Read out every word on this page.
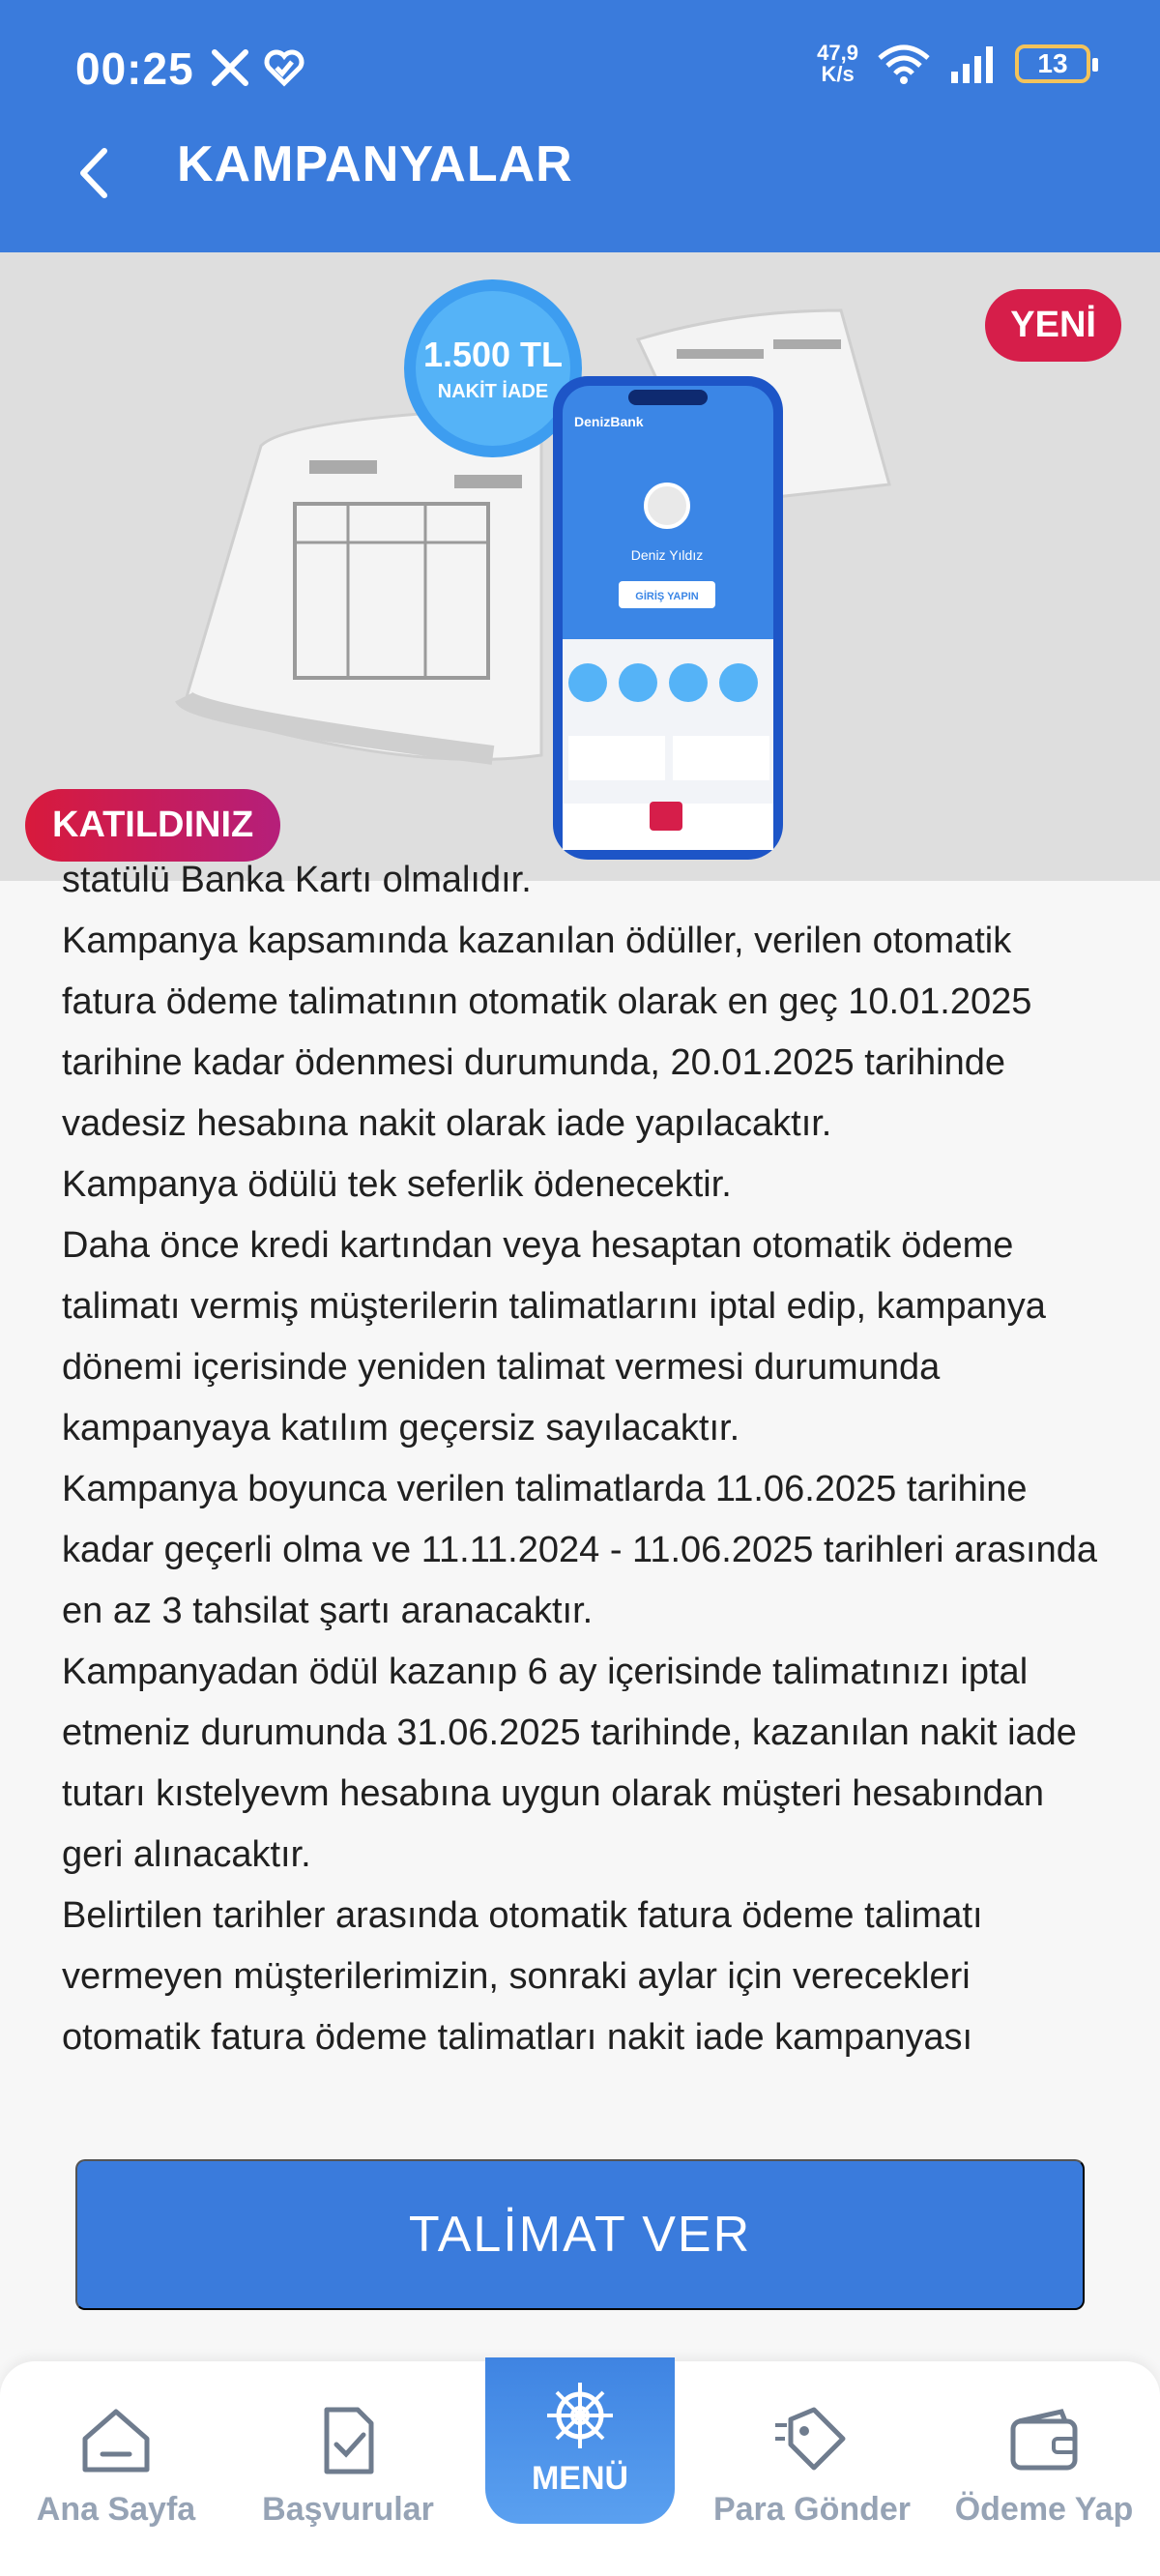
00:25	47,9
K/s	13
KAMPANYALAR
1.500 TL
NAKİT İADE
DenizBank
Deniz Yıldız
GİRİŞ YAPIN
YENİ
KATILDINIZ

statülü Banka Kartı olmalıdır.

Kampanya kapsamında kazanılan ödüller, verilen otomatik fatura ödeme talimatının otomatik olarak en geç 10.01.2025 tarihine kadar ödenmesi durumunda, 20.01.2025 tarihinde vadesiz hesabına nakit olarak iade yapılacaktır.

Kampanya ödülü tek seferlik ödenecektir.

Daha önce kredi kartından veya hesaptan otomatik ödeme talimatı vermiş müşterilerin talimatlarını iptal edip, kampanya dönemi içerisinde yeniden talimat vermesi durumunda kampanyaya katılım geçersiz sayılacaktır.

Kampanya boyunca verilen talimatlarda 11.06.2025 tarihine kadar geçerli olma ve 11.11.2024 - 11.06.2025 tarihleri arasında en az 3 tahsilat şartı aranacaktır.

Kampanyadan ödül kazanıp 6 ay içerisinde talimatınızı iptal etmeniz durumunda 31.06.2025 tarihinde, kazanılan nakit iade tutarı kıstelyevm hesabına uygun olarak müşteri hesabından geri alınacaktır.

Belirtilen tarihler arasında otomatik fatura ödeme talimatı vermeyen müşterilerimizin, sonraki aylar için verecekleri otomatik fatura ödeme talimatları nakit iade kampanyası

TALİMAT VER
Ana Sayfa Başvurular
MENÜ
Para Gönder Ödeme Yap
